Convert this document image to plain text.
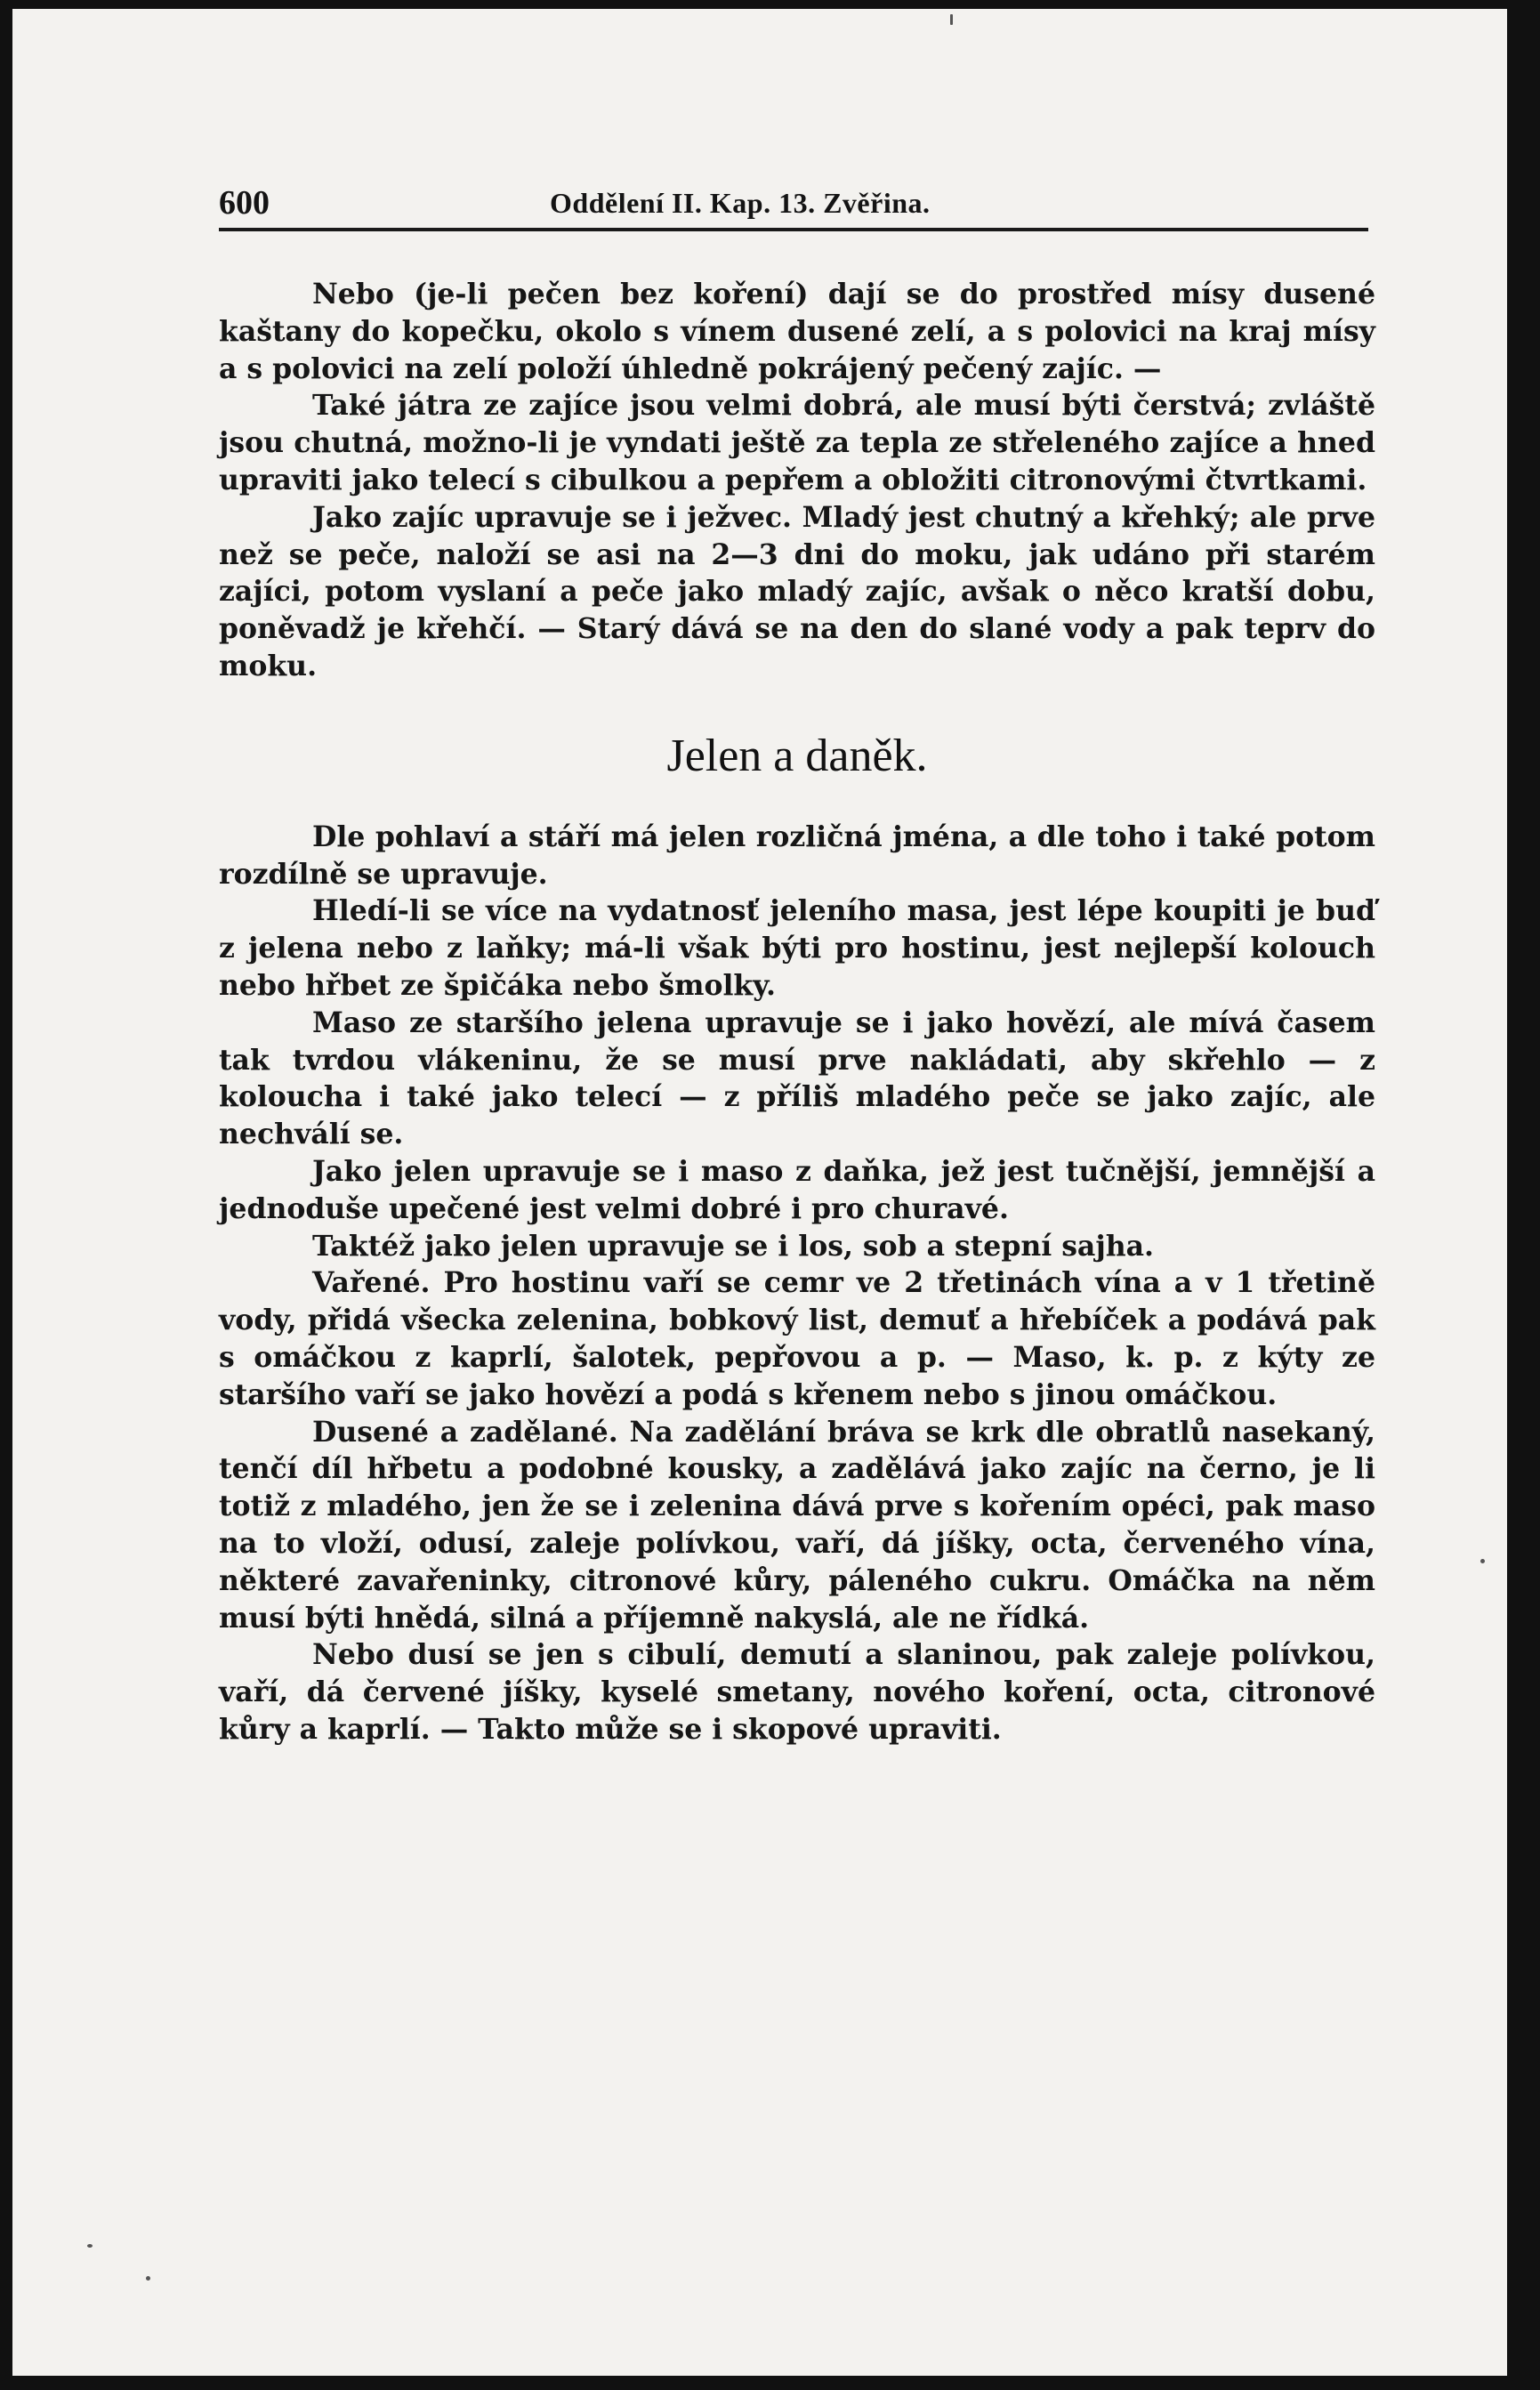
600	Oddělení II. Kap. 13. Zvěřina.

Nebo (je-li pečen bez koření) dají se do prostřed mísy dusené kaštany do kopečku, okolo s vínem dusené zelí, a s polovici na kraj mísy a s polovici na zelí položí úhledně pokrájený pečený zajíc. —

Také játra ze zajíce jsou velmi dobrá, ale musí býti čerstvá; zvláště jsou chutná, možno-li je vyndati ještě za tepla ze střeleného zajíce a hned upraviti jako telecí s cibulkou a pepřem a obložiti citronovými čtvrtkami.

Jako zajíc upravuje se i ježvec. Mladý jest chutný a křehký; ale prve než se peče, naloží se asi na 2—3 dni do moku, jak udáno při starém zajíci, potom vyslaní a peče jako mladý zajíc, avšak o něco kratší dobu, poněvadž je křehčí. — Starý dává se na den do slané vody a pak teprv do moku.

Jelen a daněk.

Dle pohlaví a stáří má jelen rozličná jména, a dle toho i také potom rozdílně se upravuje.

Hledí-li se více na vydatnosť jeleního masa, jest lépe koupiti je buď z jelena nebo z laňky; má-li však býti pro hostinu, jest nejlepší kolouch nebo hřbet ze špičáka nebo šmolky.

Maso ze staršího jelena upravuje se i jako hovězí, ale mívá časem tak tvrdou vlákeninu, že se musí prve nakládati, aby skřehlo — z koloucha i také jako telecí — z příliš mladého peče se jako zajíc, ale nechválí se.

Jako jelen upravuje se i maso z daňka, jež jest tučnější, jemnější a jednoduše upečené jest velmi dobré i pro churavé.

Taktéž jako jelen upravuje se i los, sob a stepní sajha.

Vařené. Pro hostinu vaří se cemr ve 2 třetinách vína a v 1 třetině vody, přidá všecka zelenina, bobkový list, demuť a hřebíček a podává pak s omáčkou z kaprlí, šalotek, pepřovou a p. — Maso, k. p. z kýty ze staršího vaří se jako hovězí a podá s křenem nebo s jinou omáčkou.

Dusené a zadělané. Na zadělání bráva se krk dle obratlů nasekaný, tenčí díl hřbetu a podobné kousky, a zadělává jako zajíc na černo, je li totiž z mladého, jen že se i zelenina dává prve s kořením opéci, pak maso na to vloží, odusí, zaleje polívkou, vaří, dá jíšky, octa, červeného vína, některé zavařeninky, citronové kůry, páleného cukru. Omáčka na něm musí býti hnědá, silná a příjemně nakyslá, ale ne řídká.

Nebo dusí se jen s cibulí, demutí a slaninou, pak zaleje polívkou, vaří, dá červené jíšky, kyselé smetany, nového koření, octa, citronové kůry a kaprlí. — Takto může se i skopové upraviti.
